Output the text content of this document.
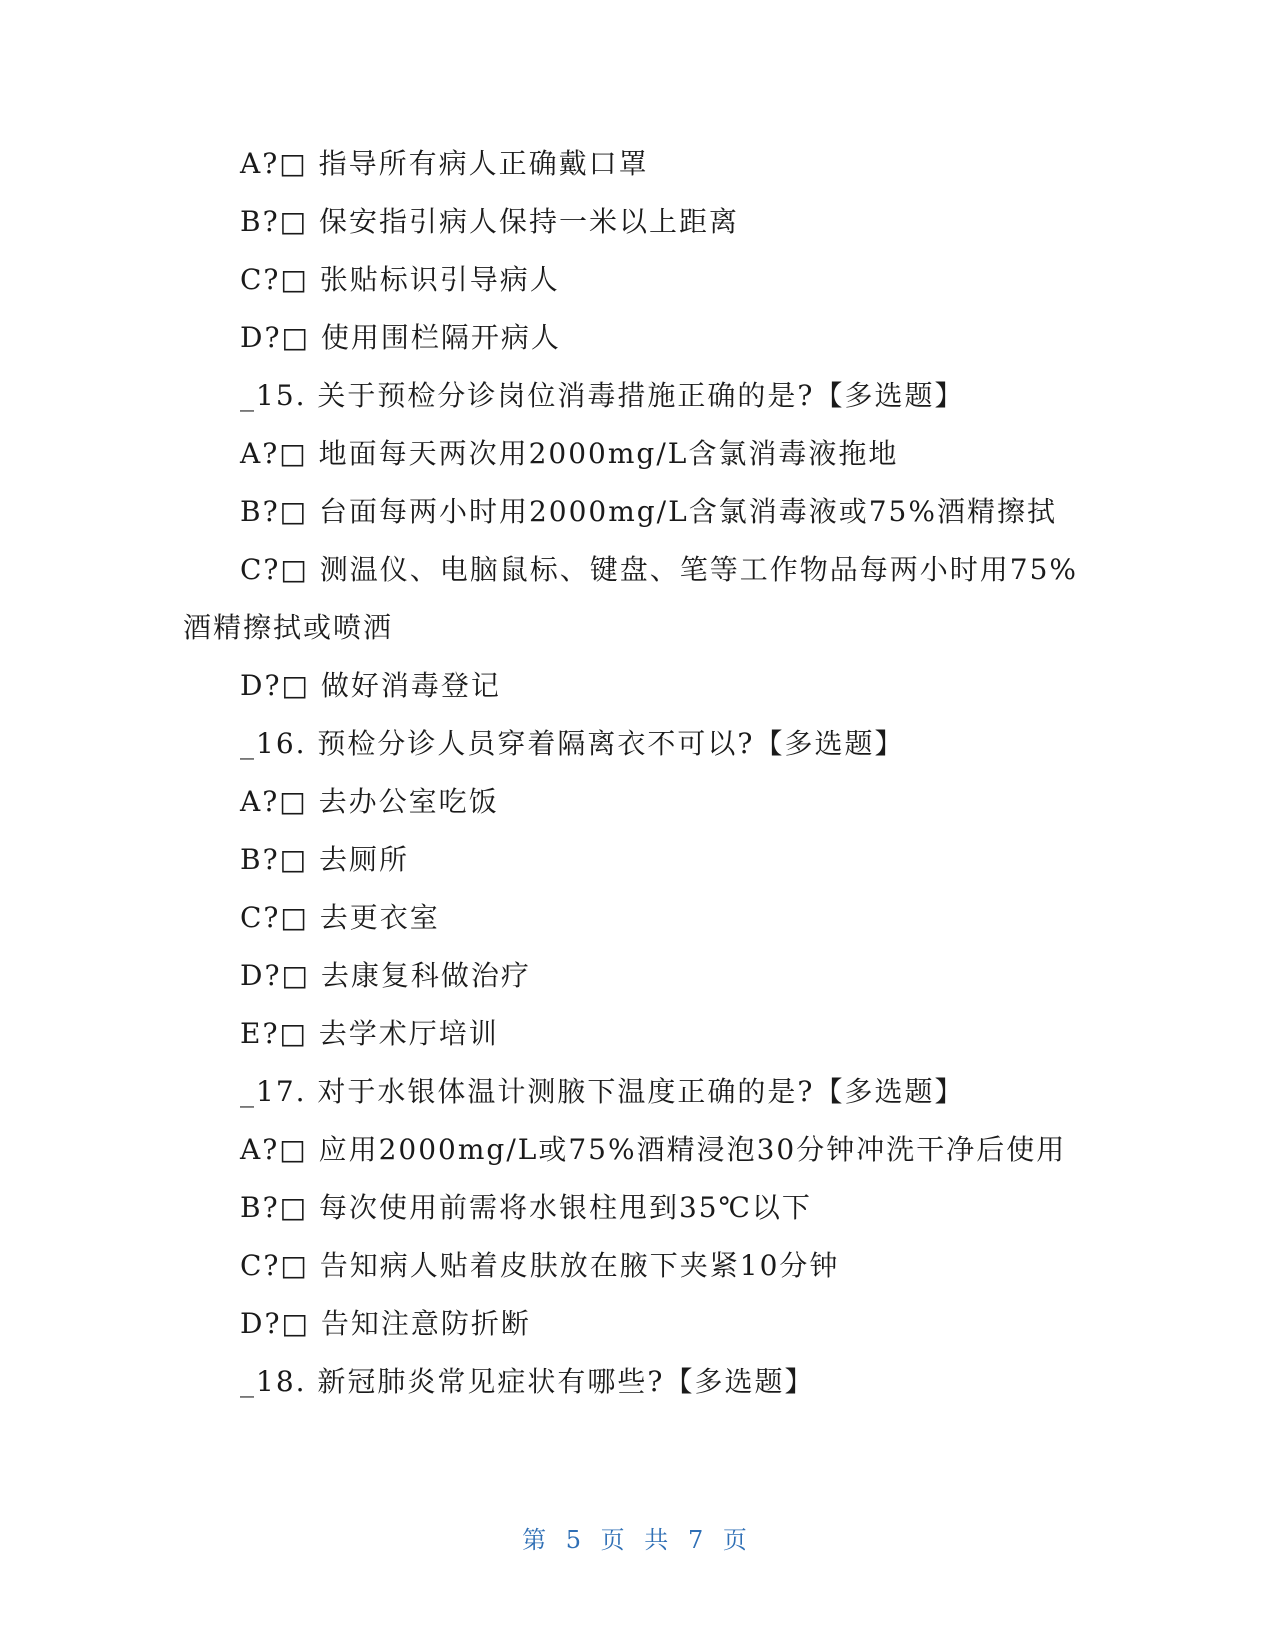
A?□ 指导所有病人正确戴口罩
B?□ 保安指引病人保持一米以上距离
C?□ 张贴标识引导病人
D?□ 使用围栏隔开病人
_15. 关于预检分诊岗位消毒措施正确的是?【多选题】
A?□ 地面每天两次用2000mg/L含氯消毒液拖地
B?□ 台面每两小时用2000mg/L含氯消毒液或75%酒精擦拭
C?□ 测温仪、电脑鼠标、键盘、笔等工作物品每两小时用75%
酒精擦拭或喷洒
D?□ 做好消毒登记
_16. 预检分诊人员穿着隔离衣不可以?【多选题】
A?□ 去办公室吃饭
B?□ 去厕所
C?□ 去更衣室
D?□ 去康复科做治疗
E?□ 去学术厅培训
_17. 对于水银体温计测腋下温度正确的是?【多选题】
A?□ 应用2000mg/L或75%酒精浸泡30分钟冲洗干净后使用
B?□ 每次使用前需将水银柱甩到35℃以下
C?□ 告知病人贴着皮肤放在腋下夹紧10分钟
D?□ 告知注意防折断
_18. 新冠肺炎常见症状有哪些?【多选题】
第 5 页 共 7 页
